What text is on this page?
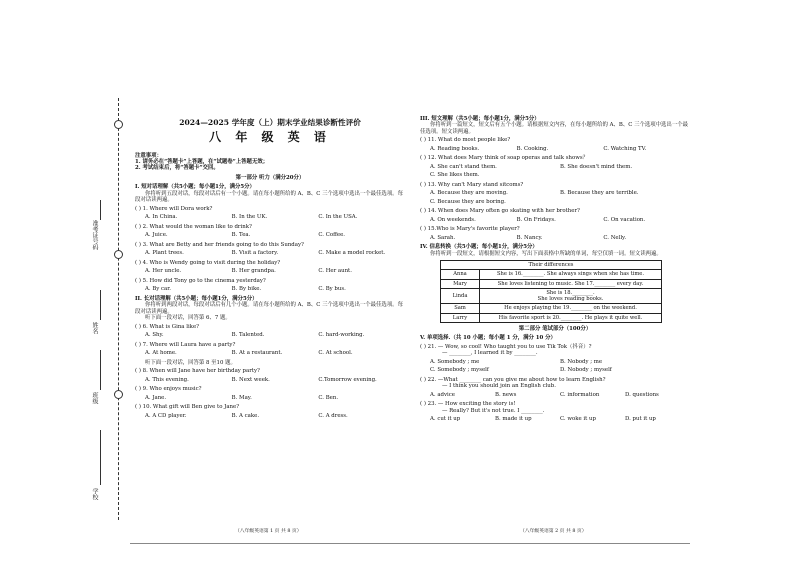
准考证号码
姓名
班级
学校
2024—2025 学年度（上）期末学业结果诊断性评价
八 年 级 英 语
注意事项：
1. 请务必在“答题卡”上答题，在“试题卷”上答题无效；
2. 考试结束后，将“答题卡”交回。
第一部分 听力（满分20分）
I. 短对话理解（共5小题；每小题1分，满分5分）
你将听到五段对话，每段对话后有一个小题。请在每小题所给的 A、B、C 三个选项中选出一个最佳选项。每段对话读两遍。
( ) 1. Where will Dora work?
A. In China.	B. In the UK.	C. In the USA.
( ) 2. What would the woman like to drink?
A. Juice.	B. Tea.	C. Coffee.
( ) 3. What are Betty and her friends going to do this Sunday?
A. Plant trees.	B. Visit a factory.	C. Make a model rocket.
( ) 4. Who is Wendy going to visit during the holiday?
A. Her uncle.	B. Her grandpa.	C. Her aunt.
( ) 5. How did Tony go to the cinema yesterday?
A. By car.	B. By bike.	C. By bus.
II. 长对话理解（共5小题；每小题1分，满分5分）
你将听到两段对话，每段对话后有几个小题。请在每小题所给的 A、B、C 三个选项中选出一个最佳选项。每段对话读两遍。
听下面一段对话，回答第 6、7 题。
( ) 6. What is Gina like?
A. Shy.	B. Talented.	C. hard-working.
( ) 7. Where will Laura have a party?
A. At home.	B. At a restaurant.	C. At school.
听下面一段对话，回答第 8 至10 题。
( ) 8. When will Jane have her birthday party?
A. This evening.	B. Next week.	C.Tomorrow evening.
( ) 9. Who enjoys music?
A. Jane.	B. May.	C. Ben.
( ) 10. What gift will Ben give to Jane?
A. A CD player.	B. A cake.	C. A dress.
III. 短文理解（共5小题；每小题1分，满分5分）
你将听到一篇短文，短文后有五个小题。请根据短文内容，在每小题所给的 A、B、C 三个选项中选出一个最佳选项。短文读两遍。
( ) 11. What do most people like?
A. Reading books.	B. Cooking.	C. Watching TV.
( ) 12. What does Mary think of soap operas and talk shows？
A. She can't stand them.	B. She doesn't mind them.
C. She likes them.
( ) 13. Why can't Mary stand sitcoms?
A. Because they are moving.	B. Because they are terrible.
C. Because they are boring.
( ) 14. When does Mary often go skating with her brother?
A. On weekends.	B. On Fridays.	C. On vacation.
( ) 15.Who is Mary's favorite player?
A. Sarah.	B. Nancy.	C. Nelly.
IV. 信息转换（共5小题；每小题1分，满分5分）
你将听到一段短文，请根据短文内容，写出下面表格中所缺的单词，每空仅填一词。短文读两遍。
Their differences	
Anna	She is 16.________. She always sings when she has time.

Mary	She loves listening to music. She 17.________ every day.

Linda	She is 18.________.
She loves reading books.

Sam	He enjoys playing the 19.________ on the weekend.

Larry	His favorite sport is 20.________. He plays it quite well.
第二部分 笔试部分（100分）
V. 单项选择.（共 10 小题；每小题 1 分，满分 10 分）
( ) 21. — Wow, so cool! Who taught you to use Tik Tok（抖音）?
— ________, I learned it by ________.
A. Somebody ; me	B. Nobody ; me
C. Somebody ; myself	D. Nobody ; myself
( ) 22. —What ________ can you give me about how to learn English?
— I think you should join an English club.
A. advice	B. news	C. information	D. questions
( ) 23. — How exciting the story is!
— Really? But it's not true. I ________.
A. cut it up	B. made it up	C. woke it up	D. put it up
（八年级英语第 1 页 共 8 页）	（八年级英语第 2 页 共 8 页）
